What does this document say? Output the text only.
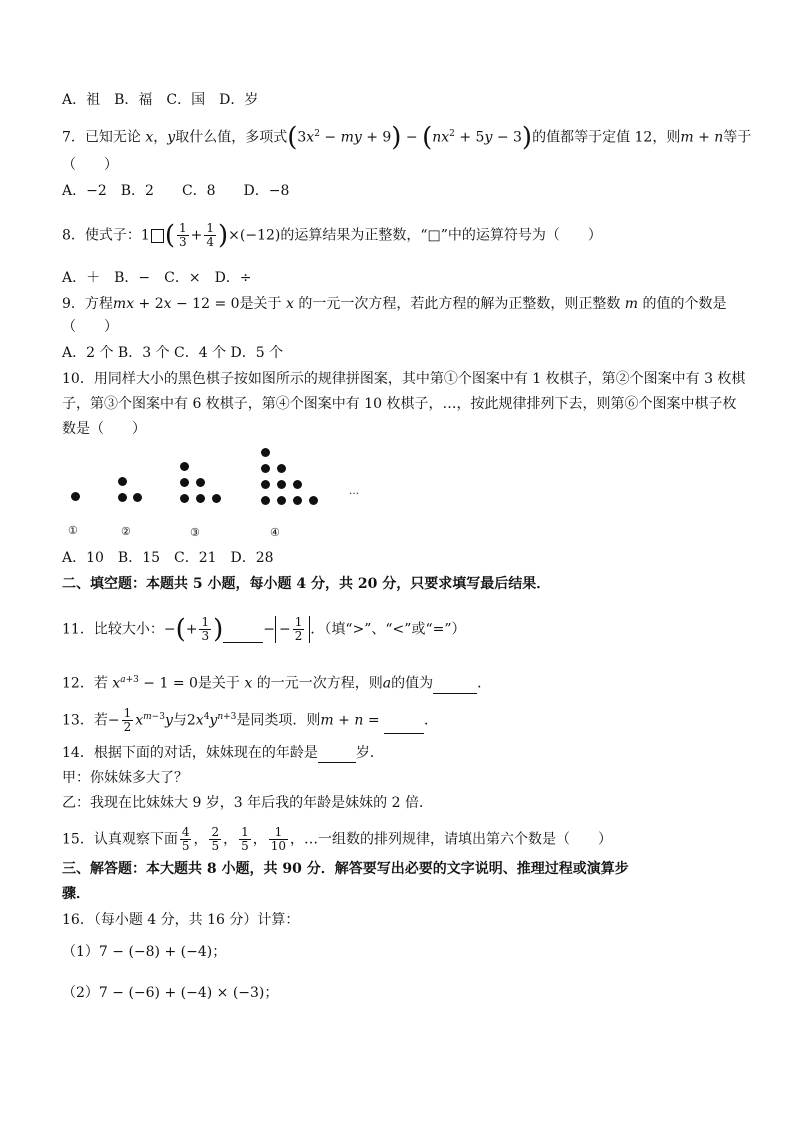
A．祖　B．福　C．国　D．岁
7．已知无论 x，y取什么值，多项式($3x^2$ − my + $9) - (nx^2 + 5y - 3)$的值都等于定值 12，则m + n等于
（　　）
A．−2　B．2　　C．8　　D．−8
8．使式子：1 ( $\frac{1}{3} + \frac{1}{4} )\times(-12)$的运算结果为正整数，“□”中的运算符号为（　　）
A．＋　B．−　C．×　D．÷
9．方程mx + 2x − 12 = 0是关于 x 的一元一次方程，若此方程的解为正整数，则正整数 m 的值的个数是
（　　）
A．2 个 B．3 个 C．4 个 D．5 个
10．用同样大小的黑色棋子按如图所示的规律拼图案，其中第①个图案中有 1 枚棋子，第②个图案中有 3 枚棋
子，第③个图案中有 6 枚棋子，第④个图案中有 10 枚棋子，…，按此规律排列下去，则第⑥个图案中棋子枚
数是（　　）
…
①	②	③	④
A．10　B．15　C．21　D．28
二、填空题：本题共 5 小题，每小题 4 分，共 20 分，只要求填写最后结果．
11．比较大小：−(+ $\frac{1}{3}$ )	− − $\frac{1}{2}$ ．（填“>”、“<”或“=”）
12．若 $x^{a+3} - 1 = 0$是关于 x 的一元一次方程，则a的值为	．
13．若− $\frac{1}{2} x^{m-3}y$与$2x^4y^{n+3}$是同类项．则m + n =	．
14．根据下面的对话，妹妹现在的年龄是	岁．
甲：你妹妹多大了？
乙：我现在比妹妹大 9 岁，3 年后我的年龄是妹妹的 2 倍．
15．认真观察下面 $\frac{4}{5}$ ， $\frac{2}{5}$ ， $\frac{1}{5}$ ， $\frac{1}{10}$ ，…一组数的排列规律，请填出第六个数是（　　）
三、解答题：本大题共 8 小题，共 90 分．解答要写出必要的文字说明、推理过程或演算步
骤．
16．（每小题 4 分，共 16 分）计算：
（1）7 − (−8) + (−4)；
（2）7 − (−6) + (−4) × (−3)；
